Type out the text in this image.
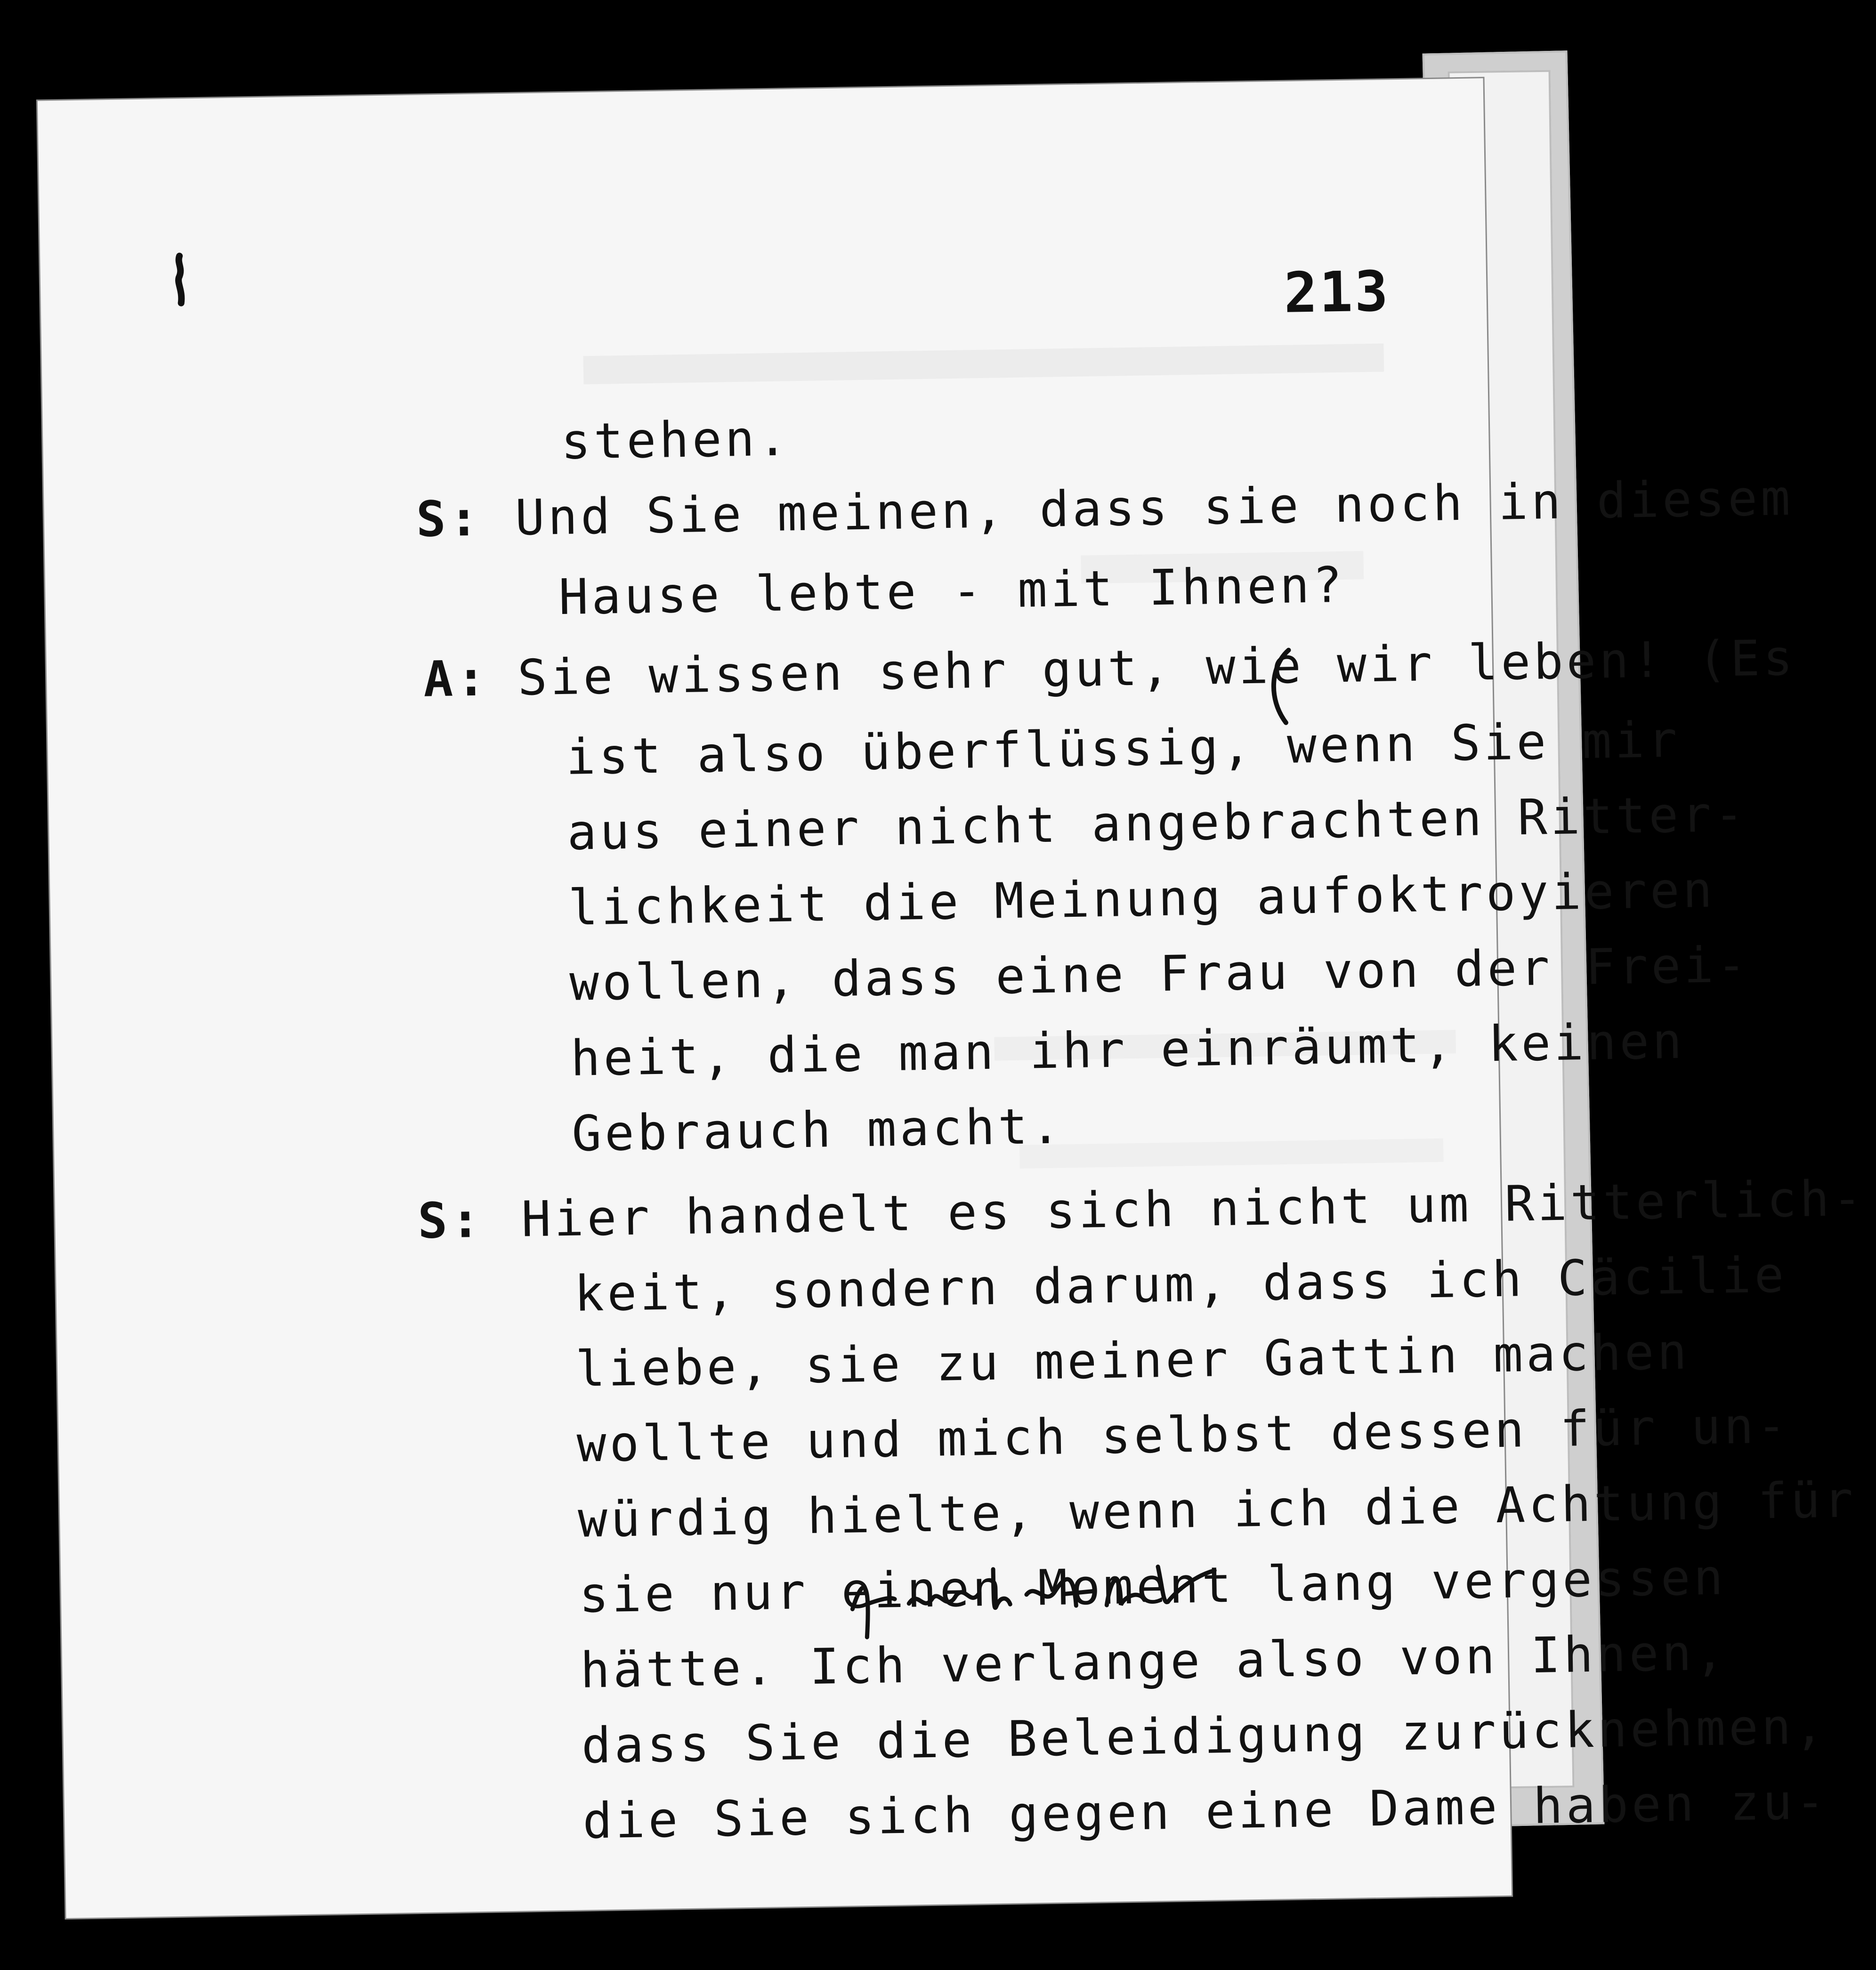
213
stehen.
S: Und Sie meinen, dass sie noch in diesem
Hause lebte - mit Ihnen?
A: Sie wissen sehr gut, wie wir leben! (Es
ist also überflüssig, wenn Sie mir
aus einer nicht angebrachten Ritter-
lichkeit die Meinung aufoktroyieren
wollen, dass eine Frau von der Frei-
heit, die man ihr einräumt, keinen
Gebrauch macht.
S: Hier handelt es sich nicht um Ritterlich-
keit, sondern darum, dass ich Cäcilie
liebe, sie zu meiner Gattin machen
wollte und mich selbst dessen für un-
würdig hielte, wenn ich die Achtung für
sie nur einen Moment lang vergessen
hätte. Ich verlange also von Ihnen,
dass Sie die Beleidigung zurücknehmen,
die Sie sich gegen eine Dame haben zu-
